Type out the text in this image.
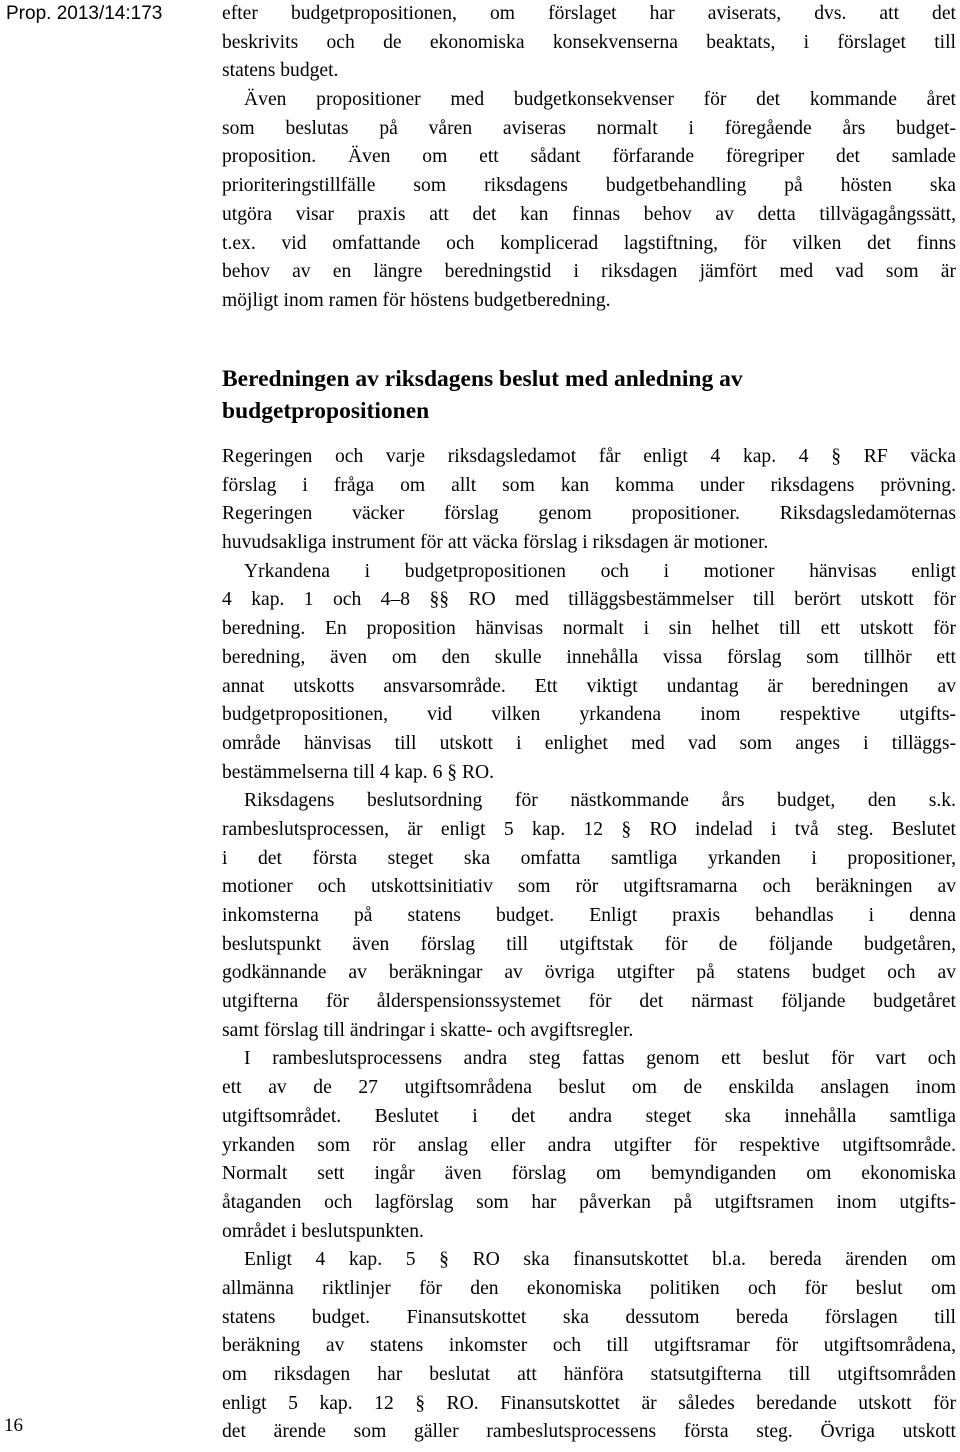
Prop. 2013/14:173
16
efter budgetpropositionen, om förslaget har aviserats, dvs. att det
beskrivits och de ekonomiska konsekvenserna beaktats, i förslaget till
statens budget.
Även propositioner med budgetkonsekvenser för det kommande året
som beslutas på våren aviseras normalt i föregående års budget-
proposition. Även om ett sådant förfarande föregriper det samlade
prioriteringstillfälle som riksdagens budgetbehandling på hösten ska
utgöra visar praxis att det kan finnas behov av detta tillvägagångssätt,
t.ex. vid omfattande och komplicerad lagstiftning, för vilken det finns
behov av en längre beredningstid i riksdagen jämfört med vad som är
möjligt inom ramen för höstens budgetberedning.
Beredningen av riksdagens beslut med anledning av
budgetpropositionen
Regeringen och varje riksdagsledamot får enligt 4 kap. 4 § RF väcka
förslag i fråga om allt som kan komma under riksdagens prövning.
Regeringen väcker förslag genom propositioner. Riksdagsledamöternas
huvudsakliga instrument för att väcka förslag i riksdagen är motioner.
Yrkandena i budgetpropositionen och i motioner hänvisas enligt
4 kap. 1 och 4–8 §§ RO med tilläggsbestämmelser till berört utskott för
beredning. En proposition hänvisas normalt i sin helhet till ett utskott för
beredning, även om den skulle innehålla vissa förslag som tillhör ett
annat utskotts ansvarsområde. Ett viktigt undantag är beredningen av
budgetpropositionen, vid vilken yrkandena inom respektive utgifts-
område hänvisas till utskott i enlighet med vad som anges i tilläggs-
bestämmelserna till 4 kap. 6 § RO.
Riksdagens beslutsordning för nästkommande års budget, den s.k.
rambeslutsprocessen, är enligt 5 kap. 12 § RO indelad i två steg. Beslutet
i det första steget ska omfatta samtliga yrkanden i propositioner,
motioner och utskottsinitiativ som rör utgiftsramarna och beräkningen av
inkomsterna på statens budget. Enligt praxis behandlas i denna
beslutspunkt även förslag till utgiftstak för de följande budgetåren,
godkännande av beräkningar av övriga utgifter på statens budget och av
utgifterna för ålderspensionssystemet för det närmast följande budgetåret
samt förslag till ändringar i skatte- och avgiftsregler.
I rambeslutsprocessens andra steg fattas genom ett beslut för vart och
ett av de 27 utgiftsområdena beslut om de enskilda anslagen inom
utgiftsområdet. Beslutet i det andra steget ska innehålla samtliga
yrkanden som rör anslag eller andra utgifter för respektive utgiftsområde.
Normalt sett ingår även förslag om bemyndiganden om ekonomiska
åtaganden och lagförslag som har påverkan på utgiftsramen inom utgifts-
området i beslutspunkten.
Enligt 4 kap. 5 § RO ska finansutskottet bl.a. bereda ärenden om
allmänna riktlinjer för den ekonomiska politiken och för beslut om
statens budget. Finansutskottet ska dessutom bereda förslagen till
beräkning av statens inkomster och till utgiftsramar för utgiftsområdena,
om riksdagen har beslutat att hänföra statsutgifterna till utgiftsområden
enligt 5 kap. 12 § RO. Finansutskottet är således beredande utskott för
det ärende som gäller rambeslutsprocessens första steg. Övriga utskott
